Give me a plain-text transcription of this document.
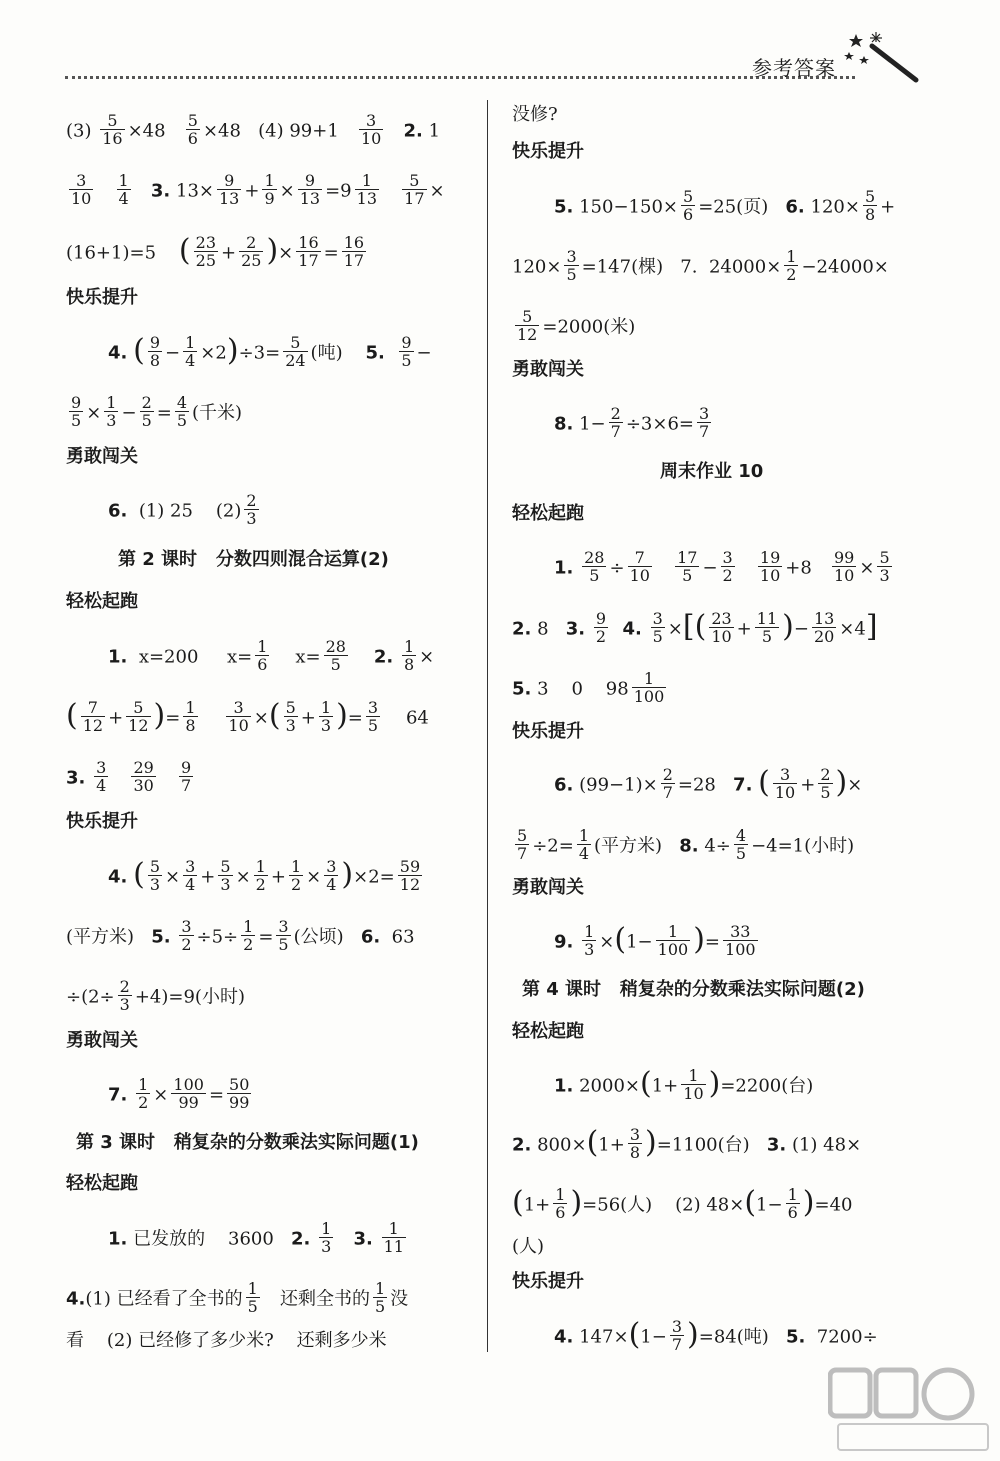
参考答案
$(3) \frac{5}{16} \times 48 \frac{5}{6} \times 48$ (4) $99+1 \frac{3}{10} 2$. 1
$\frac{3}{10}$
$\frac{1}{4} 3$. $13\times \frac{9}{13} + \frac{1}{9} \times \frac{9}{13} =9 \frac{1}{13}$
$\frac{5}{17}$ ×
(16+1)=5 ( $\frac{23}{25} + \frac{2}{25}$ )× $\frac{16}{17} = \frac{16}{17}$
快乐提升
4. ( $\frac{9}{8} - \frac{1}{4} \times 2)\div 3= \frac{5}{24}$ (吨) 5. $\frac{9}{5}$ −
$\frac{9}{5} \times \frac{1}{3} - \frac{2}{5} = \frac{4}{5}$ (千米)
勇敢闯关
6. (1) 25 $(2) \frac{2}{3}$
第 2 课时 分数四则混合运算(2)
轻松起跑
1. x=200 $x= \frac{1}{6} x= \frac{28}{5} 2$. $\frac{1}{8}$ ×
( $\frac{7}{12} + \frac{5}{12}$ )= $\frac{1}{8}$
$\frac{3}{10}$ ×( $\frac{5}{3} + \frac{1}{3}$ )= $\frac{3}{5} 64$
3. $\frac{3}{4}$
$\frac{29}{30}$
$\frac{9}{7}$
快乐提升
4. ( $\frac{5}{3} \times \frac{3}{4} + \frac{5}{3} \times \frac{1}{2} + \frac{1}{2} \times \frac{3}{4} )\times 2= \frac{59}{12}$
(平方米) 5. $\frac{3}{2} \div 5\div \frac{1}{2} = \frac{3}{5}$ (公顷) 6. 63
$\div(2\div \frac{2}{3} +4)=9$(小时)
勇敢闯关
7. $\frac{1}{2} \times \frac{100}{99} = \frac{50}{99}$
第 3 课时 稍复杂的分数乘法实际问题(1)
轻松起跑
1. 已发放的 3600 2. $\frac{1}{3} 3$. $\frac{1}{11}$
4.(1) 已经看了全书的 $\frac{1}{5}$ 还剩全书的 $\frac{1}{5}$ 没
看 (2) 已经修了多少米? 还剩多少米
没修?
快乐提升
5. $150-150\times \frac{5}{6} =25$(页) 6. $120\times \frac{5}{8}$ +
$120\times \frac{3}{5} =147$(棵) 7. $24000\times \frac{1}{2} -24000\times$
$\frac{5}{12} =2000$(米)
勇敢闯关
8. $1- \frac{2}{7} \div 3\times 6= \frac{3}{7}$
周末作业 10
轻松起跑
1. $\frac{28}{5} \div \frac{7}{10}$
$\frac{17}{5} - \frac{3}{2}$
$\frac{19}{10} +8 \frac{99}{10} \times \frac{5}{3}$
2. 8 3. $\frac{9}{2} 4$. $\frac{3}{5}$ ×[( $\frac{23}{10} + \frac{11}{5}$ )− $\frac{13}{20} \times 4$]
5. 3 0 $98 \frac{1}{100}$
快乐提升
6. $(99-1)\times \frac{2}{7} =28$ 7. ( $\frac{3}{10} + \frac{2}{5}$ )×
$\frac{5}{7} \div 2= \frac{1}{4}$ (平方米) 8. $4\div \frac{4}{5} -4=1$(小时)
勇敢闯关
9. $\frac{1}{3} \times(1- \frac{1}{100}$ )= $\frac{33}{100}$
第 4 课时 稍复杂的分数乘法实际问题(2)
轻松起跑
1. $2000\times(1+ \frac{1}{10} )=2200$(台)
2. $800\times(1+ \frac{3}{8} )=1100$(台) 3. (1) 48×
$(1+ \frac{1}{6} )=56$(人) (2) $48\times(1- \frac{1}{6} )=40$
(人)
快乐提升
4. $147\times(1- \frac{3}{7} )=84$(吨) 5. 7200÷
